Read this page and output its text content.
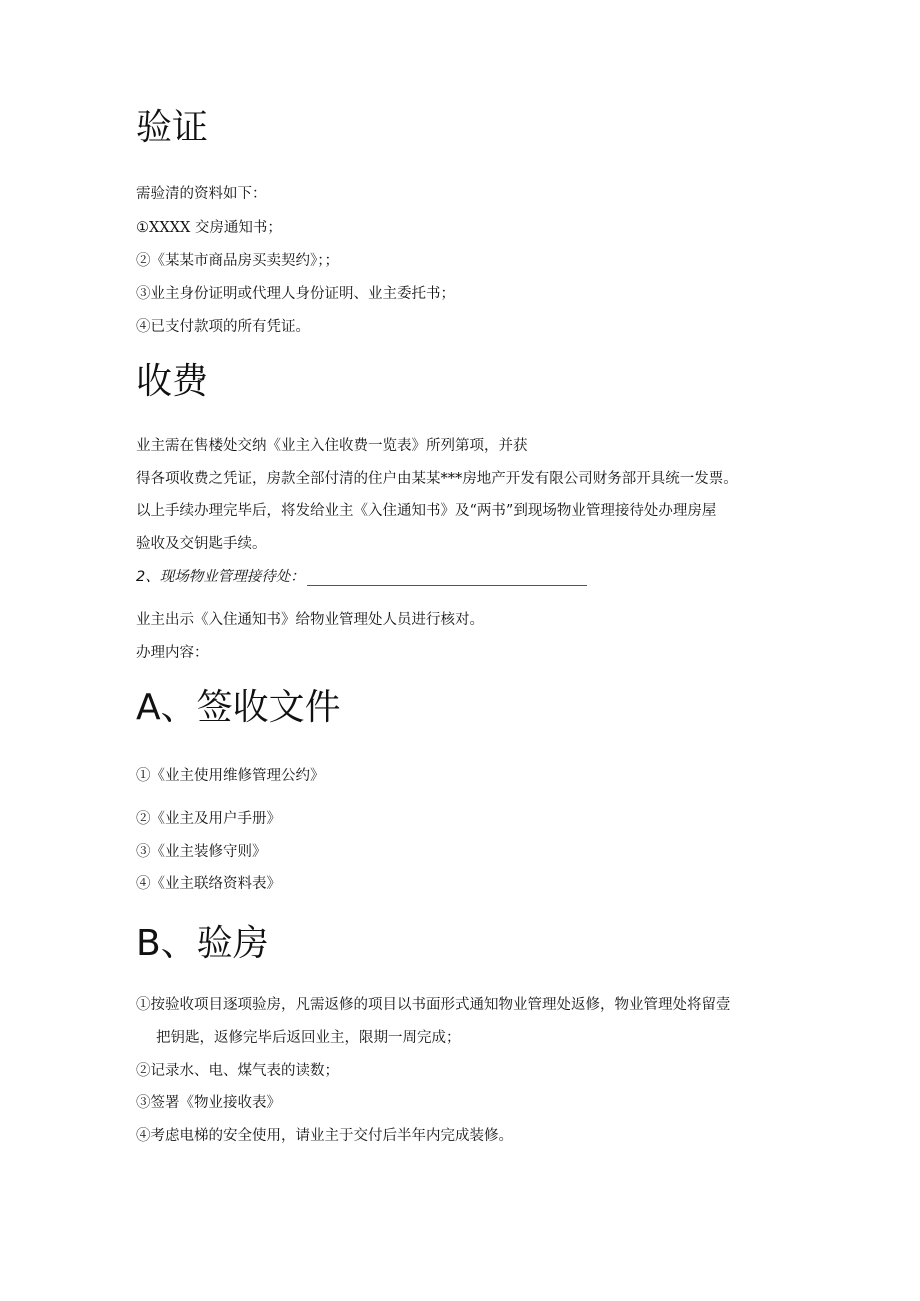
验证

需验清的资料如下：

①XXXX 交房通知书；

②《某某市商品房买卖契约》；；

③业主身份证明或代理人身份证明、业主委托书；

④已支付款项的所有凭证。

收费

业主需在售楼处交纳《业主入住收费一览表》所列第项，并获

得各项收费之凭证，房款全部付清的住户由某某***房地产开发有限公司财务部开具统一发票。

以上手续办理完毕后，将发给业主《入住通知书》及“两书”到现场物业管理接待处办理房屋

验收及交钥匙手续。

2、现场物业管理接待处：

业主出示《入住通知书》给物业管理处人员进行核对。

办理内容：

A、签收文件

①《业主使用维修管理公约》

②《业主及用户手册》

③《业主装修守则》

④《业主联络资料表》

B、验房

①按验收项目逐项验房，凡需返修的项目以书面形式通知物业管理处返修，物业管理处将留壹

把钥匙，返修完毕后返回业主，限期一周完成；

②记录水、电、煤气表的读数；

③签署《物业接收表》

④考虑电梯的安全使用，请业主于交付后半年内完成装修。
